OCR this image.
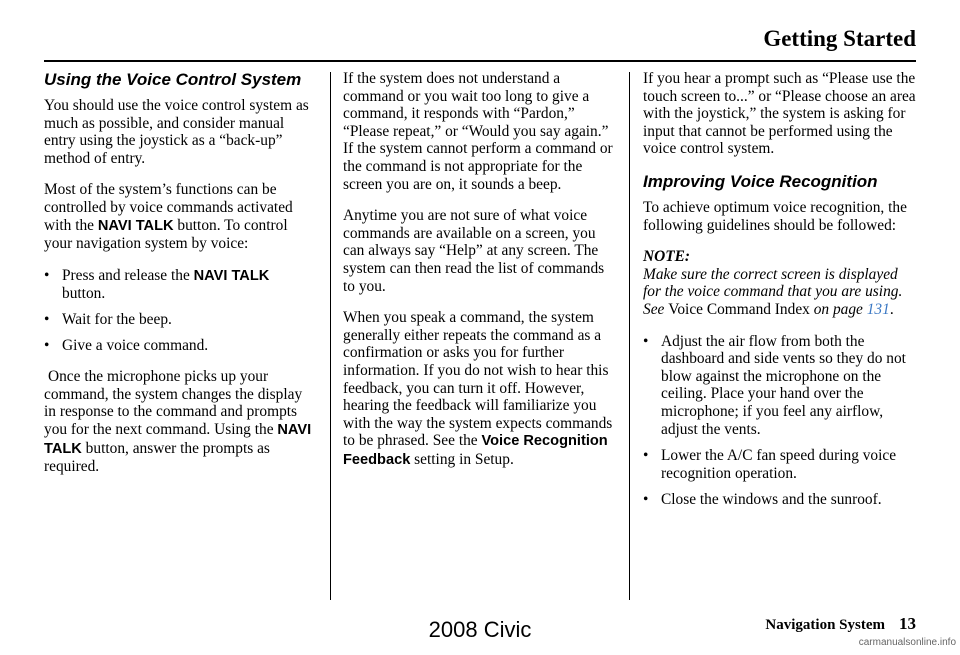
Getting Started
Using the Voice Control System

You should use the voice control system as much as possible, and consider manual entry using the joystick as a “back-up” method of entry.

Most of the system’s functions can be controlled by voice commands activated with the NAVI TALK button. To control your navigation system by voice:

• Press and release the NAVI TALK button.
• Wait for the beep.
• Give a voice command.

Once the microphone picks up your command, the system changes the display in response to the command and prompts you for the next command. Using the NAVI TALK button, answer the prompts as required.

If the system does not understand a command or you wait too long to give a command, it responds with “Pardon,” “Please repeat,” or “Would you say again.” If the system cannot perform a command or the command is not appropriate for the screen you are on, it sounds a beep.

Anytime you are not sure of what voice commands are available on a screen, you can always say “Help” at any screen. The system can then read the list of commands to you.

When you speak a command, the system generally either repeats the command as a confirmation or asks you for further information. If you do not wish to hear this feedback, you can turn it off. However, hearing the feedback will familiarize you with the way the system expects commands to be phrased. See the Voice Recognition Feedback setting in Setup.

If you hear a prompt such as “Please use the touch screen to...” or “Please choose an area with the joystick,” the system is asking for input that cannot be performed using the voice control system.

Improving Voice Recognition

To achieve optimum voice recognition, the following guidelines should be followed:

NOTE:

Make sure the correct screen is displayed for the voice command that you are using. See Voice Command Index on page 131.

• Adjust the air flow from both the dashboard and side vents so they do not blow against the microphone on the ceiling. Place your hand over the microphone; if you feel any airflow, adjust the vents.
• Lower the A/C fan speed during voice recognition operation.
• Close the windows and the sunroof.
Navigation System 13
2008 Civic
carmanualsonline.info
